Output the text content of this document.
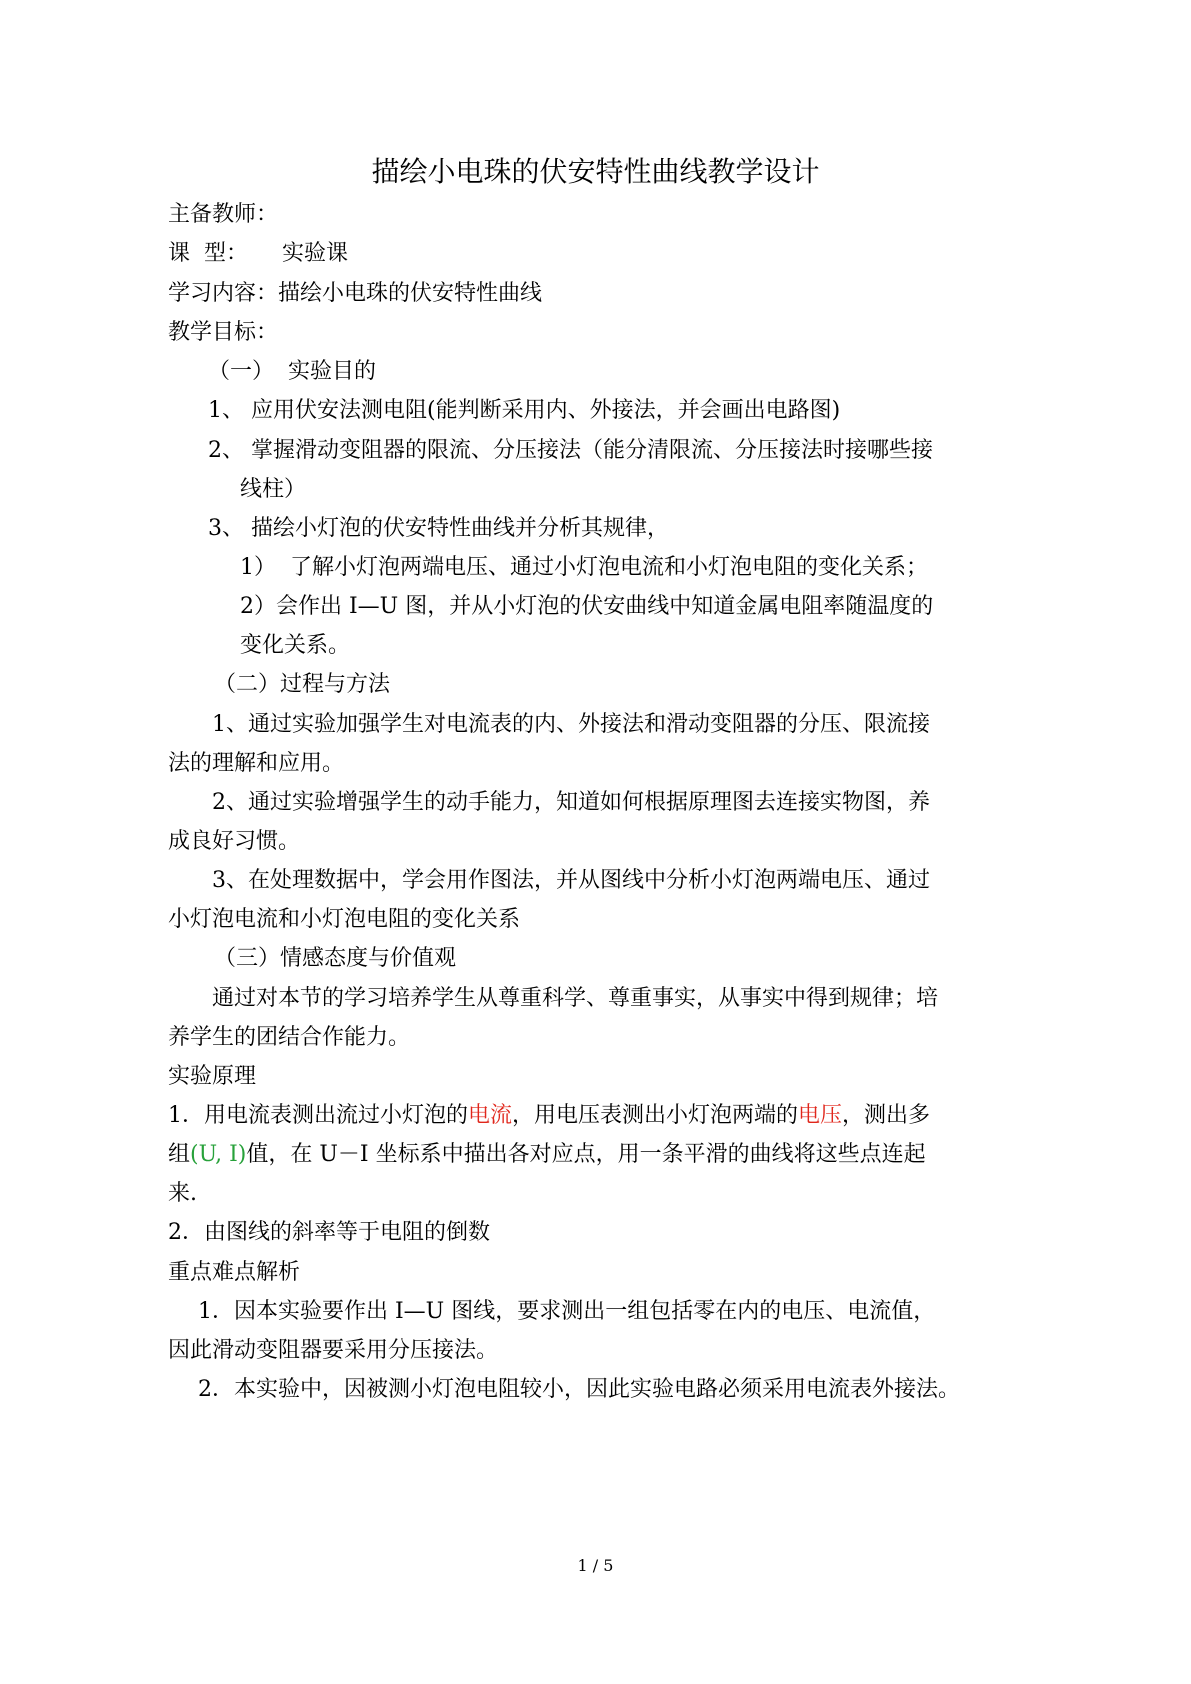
描绘小电珠的伏安特性曲线教学设计
主备教师：
课  型： 实验课
学习内容：描绘小电珠的伏安特性曲线
教学目标：
（一）  实验目的
1、 应用伏安法测电阻(能判断采用内、外接法，并会画出电路图)
2、 掌握滑动变阻器的限流、分压接法（能分清限流、分压接法时接哪些接
线柱）
3、 描绘小灯泡的伏安特性曲线并分析其规律，
1）  了解小灯泡两端电压、通过小灯泡电流和小灯泡电阻的变化关系；
2）会作出 I—U 图，并从小灯泡的伏安曲线中知道金属电阻率随温度的
变化关系。
（二）过程与方法
1、通过实验加强学生对电流表的内、外接法和滑动变阻器的分压、限流接
法的理解和应用。
2、通过实验增强学生的动手能力，知道如何根据原理图去连接实物图，养
成良好习惯。
3、在处理数据中，学会用作图法，并从图线中分析小灯泡两端电压、通过
小灯泡电流和小灯泡电阻的变化关系
（三）情感态度与价值观
通过对本节的学习培养学生从尊重科学、尊重事实，从事实中得到规律；培
养学生的团结合作能力。
实验原理
1．用电流表测出流过小灯泡的电流，用电压表测出小灯泡两端的电压，测出多
组(U, I)值，在 U－I 坐标系中描出各对应点，用一条平滑的曲线将这些点连起
来.
2．由图线的斜率等于电阻的倒数
重点难点解析
1．因本实验要作出 I—U 图线，要求测出一组包括零在内的电压、电流值，
因此滑动变阻器要采用分压接法。
2．本实验中，因被测小灯泡电阻较小，因此实验电路必须采用电流表外接法。
1 / 5
